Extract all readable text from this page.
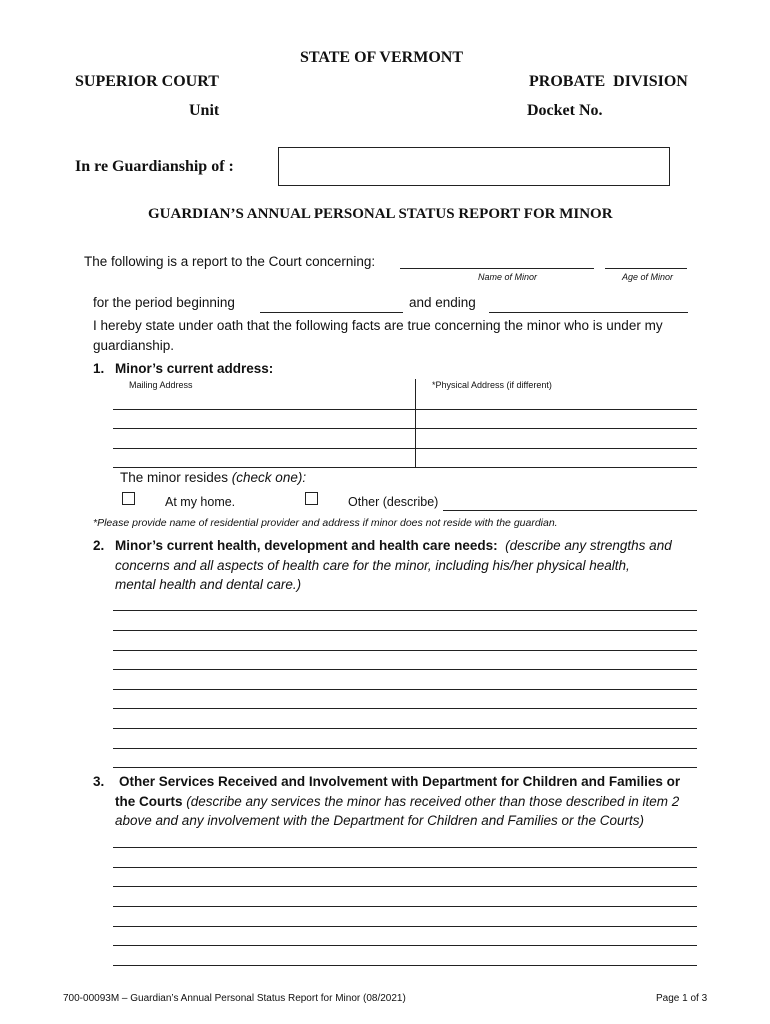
STATE OF VERMONT
SUPERIOR COURT	PROBATE  DIVISION
Unit	Docket No.
In re Guardianship of :
GUARDIAN’S ANNUAL PERSONAL STATUS REPORT FOR MINOR
The following is a report to the Court concerning:
Name of Minor	Age of Minor
for the period beginning	and ending
I hereby state under oath that the following facts are true concerning the minor who is under my
guardianship.
1. Minor’s current address:
Mailing Address	*Physical Address (if different)
The minor resides (check one):
At my home.	Other (describe)
*Please provide name of residential provider and address if minor does not reside with the guardian.
2. Minor’s current health, development and health care needs: (describe any strengths and
concerns and all aspects of health care for the minor, including his/her physical health,
mental health and dental care.)
3. Other Services Received and Involvement with Department for Children and Families or
the Courts (describe any services the minor has received other than those described in item 2
above and any involvement with the Department for Children and Families or the Courts)
700-00093M – Guardian’s Annual Personal Status Report for Minor (08/2021)	Page 1 of 3
